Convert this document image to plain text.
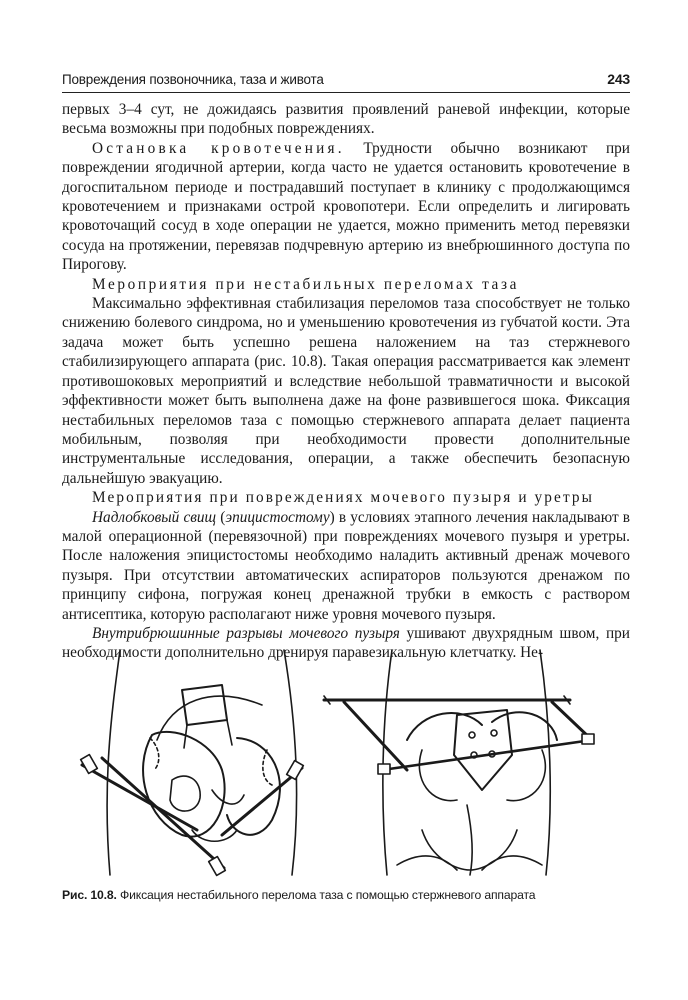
Повреждения позвоночника, таза и живота	243

первых 3–4 сут, не дожидаясь развития проявлений раневой инфекции, которые весьма возможны при подобных повреждениях.

Остановка кровотечения. Трудности обычно возникают при повреждении ягодичной артерии, когда часто не удается остановить кровотечение в догоспитальном периоде и пострадавший поступает в клинику с продолжающимся кровотечением и признаками острой кровопотери. Если определить и лигировать кровоточащий сосуд в ходе операции не удается, можно применить метод перевязки сосуда на протяжении, перевязав подчревную артерию из внебрюшинного доступа по Пирогову.

Мероприятия при нестабильных переломах таза

Максимально эффективная стабилизация переломов таза способствует не только снижению болевого синдрома, но и уменьшению кровотечения из губчатой кости. Эта задача может быть успешно решена наложением на таз стержневого стабилизирующего аппарата (рис. 10.8). Такая операция рассматривается как элемент противошоковых мероприятий и вследствие небольшой травматичности и высокой эффективности может быть выполнена даже на фоне развившегося шока. Фиксация нестабильных переломов таза с помощью стержневого аппарата делает пациента мобильным, позволяя при необходимости провести дополнительные инструментальные исследования, операции, а также обеспечить безопасную дальнейшую эвакуацию.

Мероприятия при повреждениях мочевого пузыря и уретры

Надлобковый свищ (эпицистостому) в условиях этапного лечения накладывают в малой операционной (перевязочной) при повреждениях мочевого пузыря и уретры. После наложения эпицистостомы необходимо наладить активный дренаж мочевого пузыря. При отсутствии автоматических аспираторов пользуются дренажом по принципу сифона, погружая конец дренажной трубки в емкость с раствором антисептика, которую располагают ниже уровня мочевого пузыря.

Внутрибрюшинные разрывы мочевого пузыря ушивают двухрядным швом, при необходимости дополнительно дренируя паравезикальную клетчатку. Не-

Рис. 10.8. Фиксация нестабильного перелома таза с помощью стержневого аппарата
